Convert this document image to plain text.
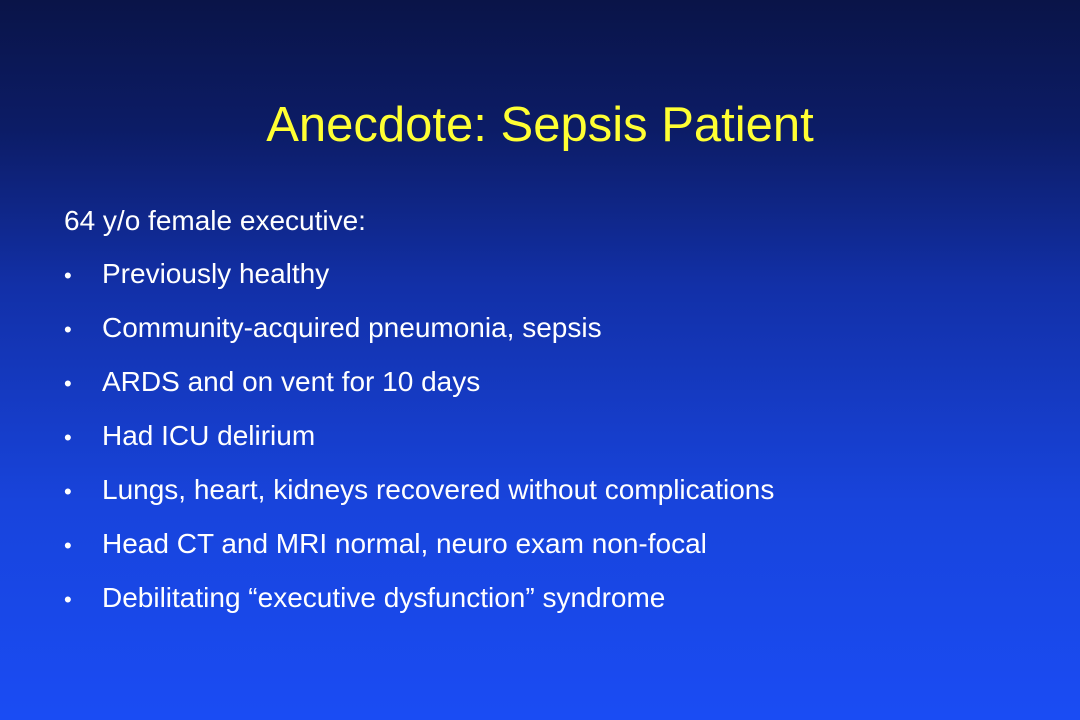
Anecdote: Sepsis Patient
64 y/o female executive:
•	Previously healthy
•	Community-acquired pneumonia, sepsis
•	ARDS and on vent for 10 days
•	Had ICU delirium
•	Lungs, heart, kidneys recovered without complications
•	Head CT and MRI normal, neuro exam non-focal
•	Debilitating “executive dysfunction” syndrome
